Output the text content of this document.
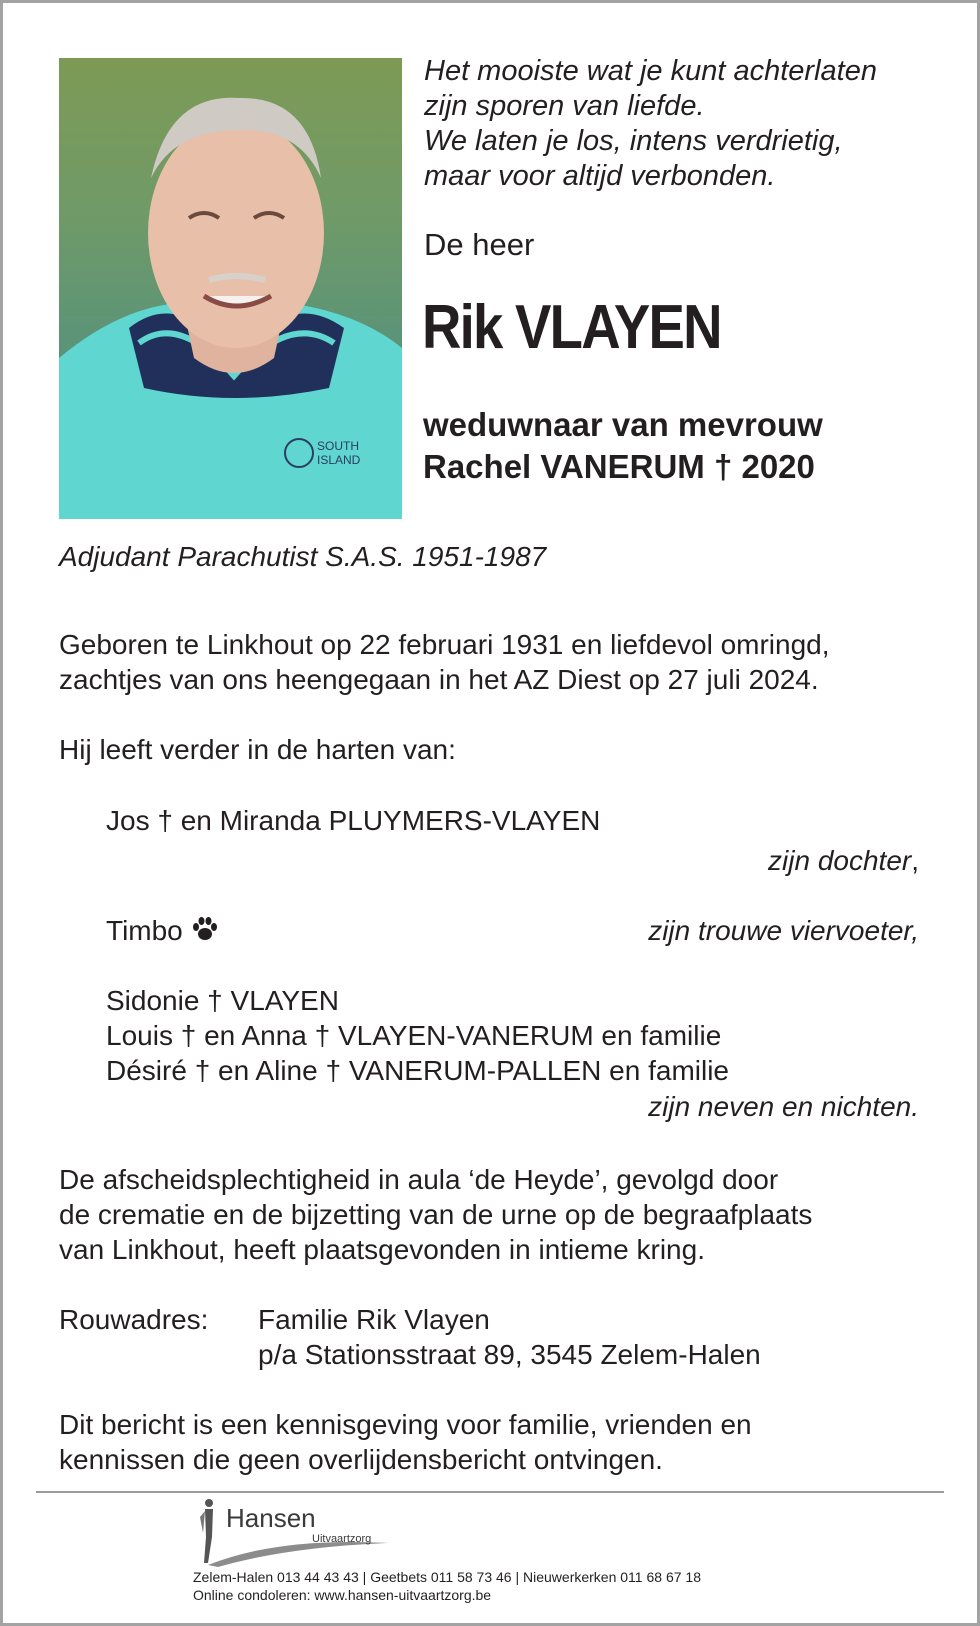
SOUTH
ISLAND
Het mooiste wat je kunt achterlaten
zijn sporen van liefde.
We laten je los, intens verdrietig,
maar voor altijd verbonden.
De heer
Rik VLAYEN
weduwnaar van mevrouw
Rachel VANERUM † 2020
Adjudant Parachutist S.A.S. 1951-1987
Geboren te Linkhout op 22 februari 1931 en liefdevol omringd,
zachtjes van ons heengegaan in het AZ Diest op 27 juli 2024.
Hij leeft verder in de harten van:
Jos † en Miranda PLUYMERS-VLAYEN
zijn dochter,
Timbo	zijn trouwe viervoeter,
Sidonie † VLAYEN
Louis † en Anna † VLAYEN-VANERUM en familie
Désiré † en Aline † VANERUM-PALLEN en familie
zijn neven en nichten.
De afscheidsplechtigheid in aula ‘de Heyde’, gevolgd door
de crematie en de bijzetting van de urne op de begraafplaats
van Linkhout, heeft plaatsgevonden in intieme kring.
Rouwadres: Familie Rik Vlayen
p/a Stationsstraat 89, 3545 Zelem-Halen
Dit bericht is een kennisgeving voor familie, vrienden en
kennissen die geen overlijdensbericht ontvingen.
Hansen
Uitvaartzorg
Zelem-Halen 013 44 43 43 | Geetbets 011 58 73 46 | Nieuwerkerken 011 68 67 18
Online condoleren: www.hansen-uitvaartzorg.be
